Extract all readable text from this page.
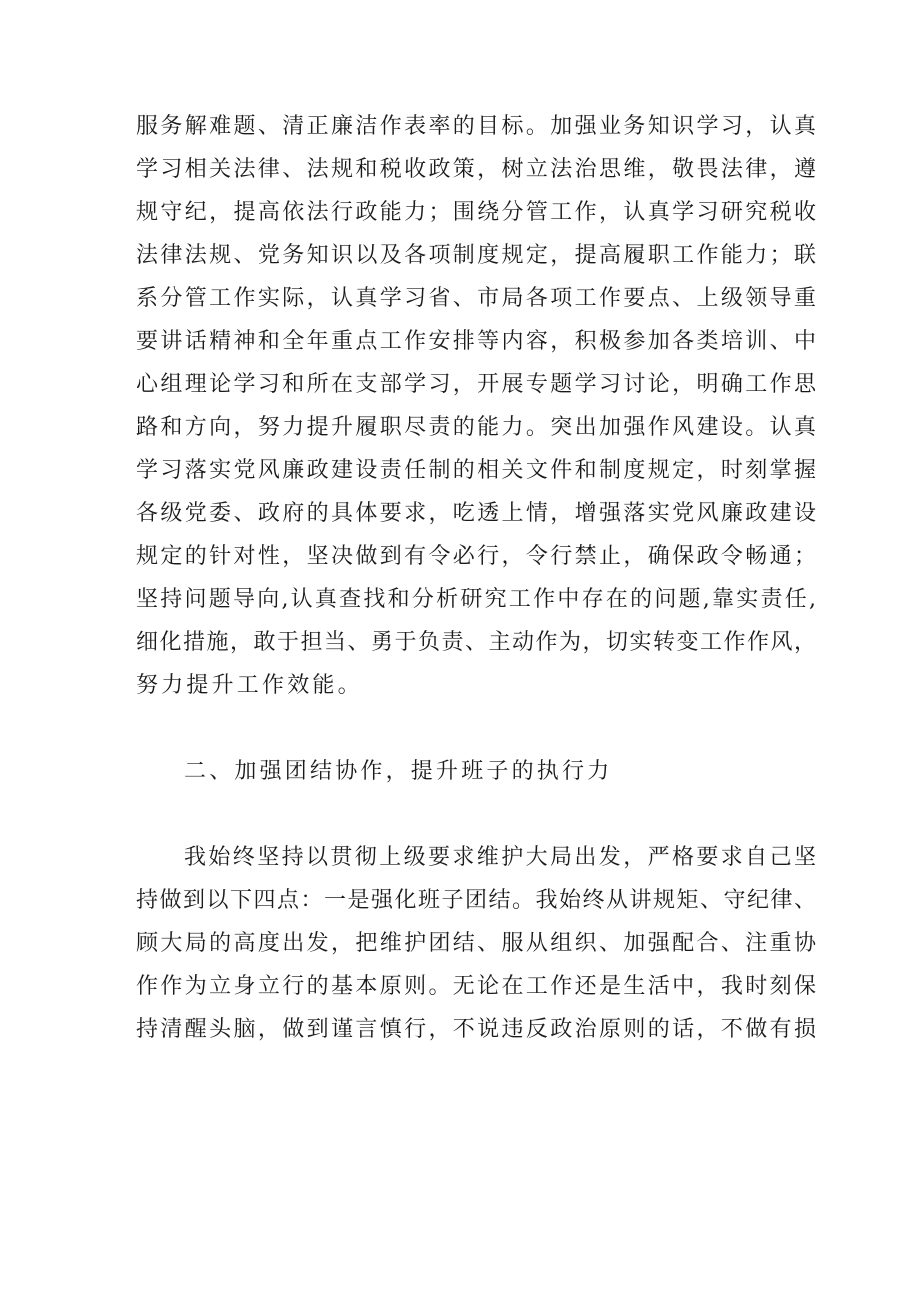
服务解难题、清正廉洁作表率的目标。加强业务知识学习，认真
学习相关法律、法规和税收政策，树立法治思维，敬畏法律，遵
规守纪，提高依法行政能力；围绕分管工作，认真学习研究税收
法律法规、党务知识以及各项制度规定，提高履职工作能力；联
系分管工作实际，认真学习省、市局各项工作要点、上级领导重
要讲话精神和全年重点工作安排等内容，积极参加各类培训、中
心组理论学习和所在支部学习，开展专题学习讨论，明确工作思
路和方向，努力提升履职尽责的能力。突出加强作风建设。认真
学习落实党风廉政建设责任制的相关文件和制度规定，时刻掌握
各级党委、政府的具体要求，吃透上情，增强落实党风廉政建设
规定的针对性，坚决做到有令必行，令行禁止，确保政令畅通；
坚持问题导向,认真查找和分析研究工作中存在的问题,靠实责任,
细化措施，敢于担当、勇于负责、主动作为，切实转变工作作风，
努力提升工作效能。
二、加强团结协作，提升班子的执行力
我始终坚持以贯彻上级要求维护大局出发，严格要求自己坚
持做到以下四点：一是强化班子团结。我始终从讲规矩、守纪律、
顾大局的高度出发，把维护团结、服从组织、加强配合、注重协
作作为立身立行的基本原则。无论在工作还是生活中，我时刻保
持清醒头脑，做到谨言慎行，不说违反政治原则的话，不做有损
